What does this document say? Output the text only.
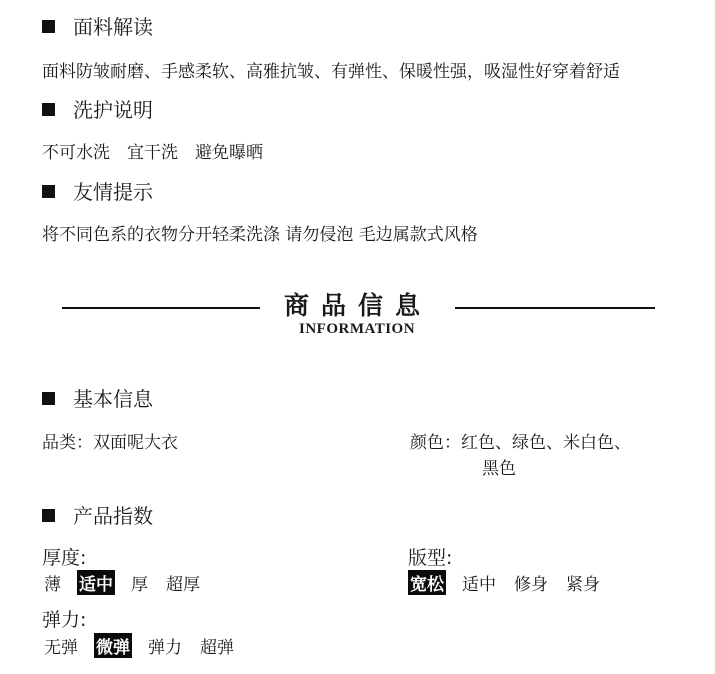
面料解读
面料防皱耐磨、手感柔软、高雅抗皱、有弹性、保暖性强，吸湿性好穿着舒适
洗护说明
不可水洗　宜干洗　避免曝晒
友情提示
将不同色系的衣物分开轻柔洗涤 请勿侵泡 毛边属款式风格
商品信息
INFORMATION
基本信息
品类：双面呢大衣	颜色：红色、绿色、米白色、
黑色
产品指数
厚度:
薄 适中 厚 超厚
版型:
宽松 适中 修身 紧身
弹力:
无弹 微弹 弹力 超弹
